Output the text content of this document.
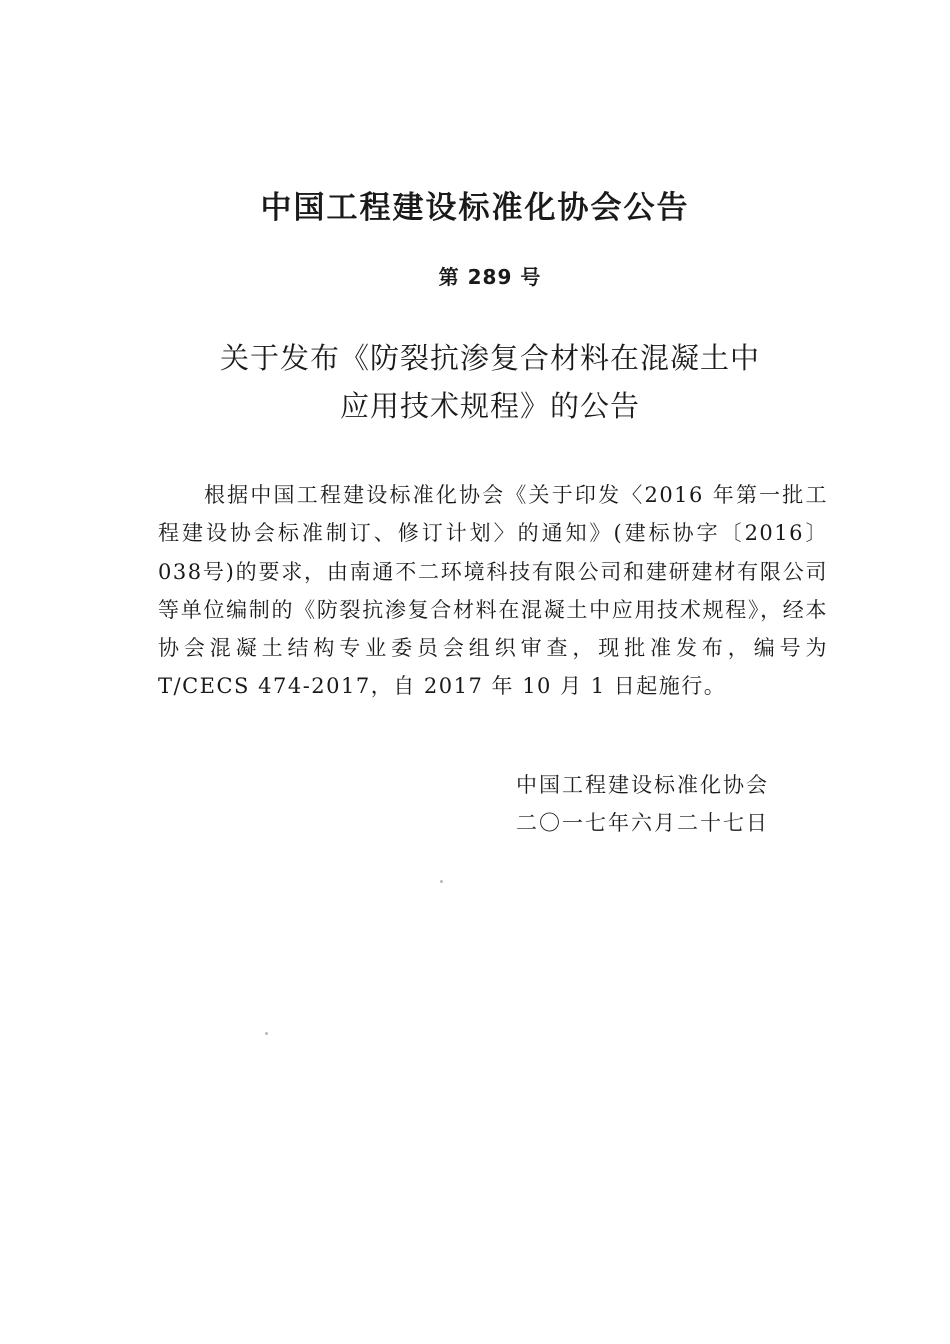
中国工程建设标准化协会公告
第 289 号
关于发布《防裂抗渗复合材料在混凝土中
应用技术规程》的公告

根据中国工程建设标准化协会《关于印发〈2016 年第一批工程建设协会标准制订、修订计划〉的通知》(建标协字〔2016〕038号)的要求，由南通不二环境科技有限公司和建研建材有限公司等单位编制的《防裂抗渗复合材料在混凝土中应用技术规程》，经本协会混凝土结构专业委员会组织审查，现批准发布，编号为T/CECS 474-2017，自 2017 年 10 月 1 日起施行。

中国工程建设标准化协会
二〇一七年六月二十七日
